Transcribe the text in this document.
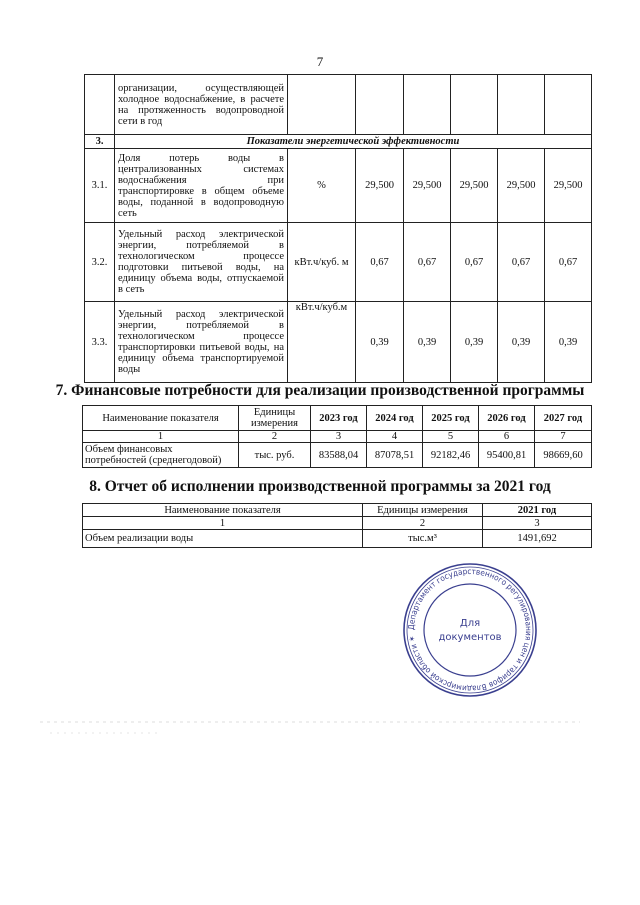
7
	организации, осуществляющей холодное водоснабжение, в расчете на протяженность водопроводной сети в год						
3.	Показатели энергетической эффективности						
3.1.	Доля потерь воды в централизованных системах водоснабжения при транспортировке в общем объеме воды, поданной в водопроводную сеть	%	29,500	29,500	29,500	29,500	29,500
3.2.	Удельный расход электрической энергии, потребляемой в технологическом процессе подготовки питьевой воды, на единицу объема воды, отпускаемой в сеть	кВт.ч/куб. м	0,67	0,67	0,67	0,67	0,67
3.3.	Удельный расход электрической энергии, потребляемой в технологическом процессе транспортировки питьевой воды, на единицу объема транспортируемой воды	кВт.ч/куб.м	0,39	0,39	0,39	0,39	0,39
7. Финансовые потребности для реализации производственной программы
Наименование показателя	Единицы измерения	2023 год	2024 год	2025 год	2026 год	2027 год
1	2	3	4	5	6	7
Объем финансовых потребностей (среднегодовой)	тыс. руб.	83588,04	87078,51	92182,46	95400,81	98669,60
8. Отчет об исполнении производственной программы за 2021 год
Наименование показателя	Единицы измерения	2021 год
1	2	3
Объем реализации воды	тыс.м³	1491,692
Департамент государственного регулирования цен и тарифов Владимирской области ✶
Для
документов
